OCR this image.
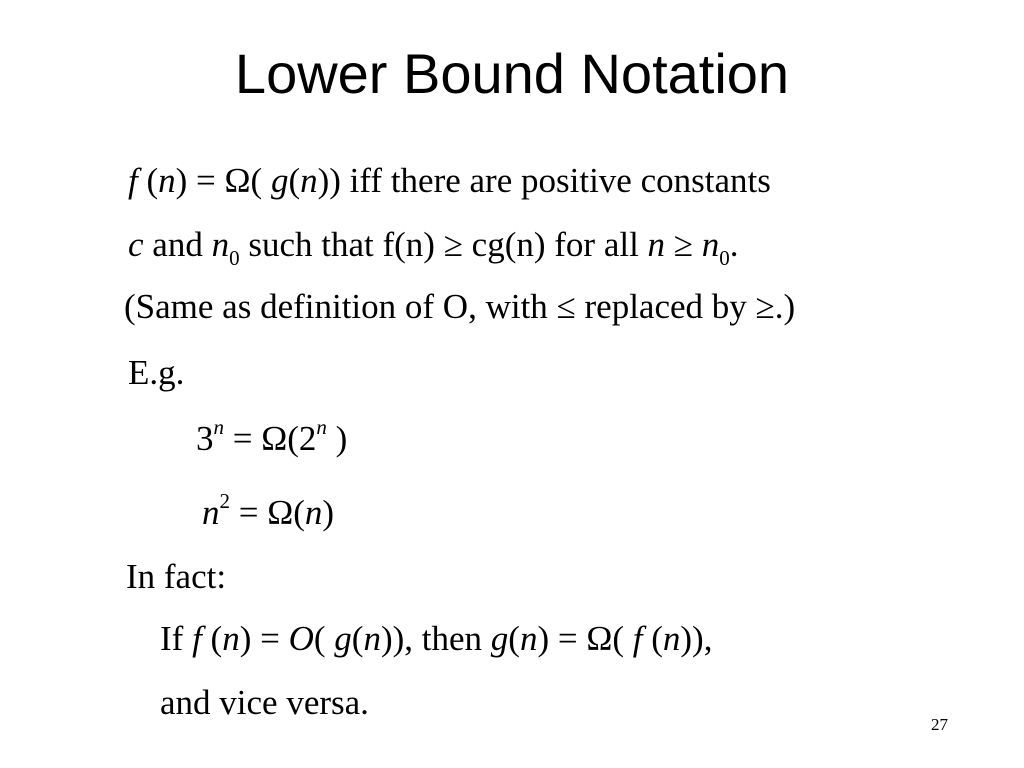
Lower Bound Notation
f (n) = Ω( g(n)) iff there are positive constants
c and $n_0$ such that f(n) ≥ cg(n) for all $n \ge n_0$.
(Same as definition of O, with ≤ replaced by ≥.)
E.g.
$3^n = \Omega(2^n$ )
$n^2 = \Omega(n)$
In fact:
If f (n) = O( g(n)), then g(n) = Ω( f (n)),
and vice versa.
27
